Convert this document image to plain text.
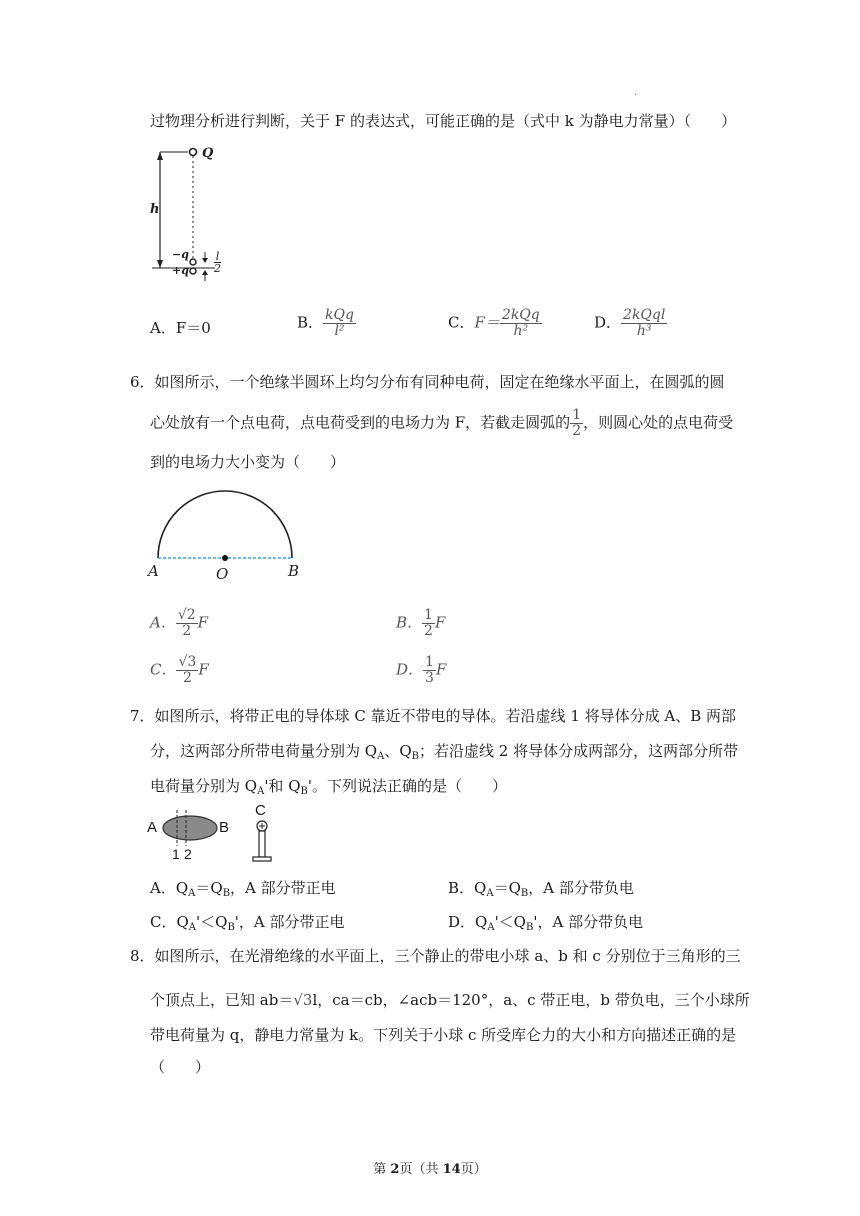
.
过物理分析进行判断，关于 F 的表达式，可能正确的是（式中 k 为静电力常量）（　　）
Q
h
−q
+q
l
2
A．F＝0	B． $\frac{\text{kQq}}{\text{l²}}$	C．$F= \frac{\text{2kQq}}{\text{h²}}$	D． $\frac{\text{2kQql}}{\text{h³}}$
6．如图所示，一个绝缘半圆环上均匀分布有同种电荷，固定在绝缘水平面上，在圆弧的圆
心处放有一个点电荷，点电荷受到的电场力为 F，若截走圆弧的 $\frac{1}{2}$ ，则圆心处的点电荷受
到的电场力大小变为（　　）
A	O	B
A． $\frac{√2}{2}$ F	B． $\frac{1}{2}$ F
C． $\frac{√3}{2}$ F	D． $\frac{1}{3}$ F
7．如图所示，将带正电的导体球 C 靠近不带电的导体。若沿虚线 1 将导体分成 A、B 两部
分，这两部分所带电荷量分别为 $Q_A$、$Q_B$；若沿虚线 2 将导体分成两部分，这两部分所带
电荷量分别为 $Q_A'$和 $Q_B'$。下列说法正确的是（　　）
A	B
C
1 2
A．$Q_A=Q_B$，A 部分带正电	B．$Q_A=Q_B$，A 部分带负电
C．$Q_A'<Q_B'$，A 部分带正电	D．$Q_A'<Q_B'$，A 部分带负电
8．如图所示，在光滑绝缘的水平面上，三个静止的带电小球 a、b 和 c 分别位于三角形的三
个顶点上，已知 ab＝√3l，ca＝cb，∠acb＝120°，a、c 带正电，b 带负电，三个小球所
带电荷量为 q，静电力常量为 k。下列关于小球 c 所受库仑力的大小和方向描述正确的是
（　　）
第 2页（共 14页）
